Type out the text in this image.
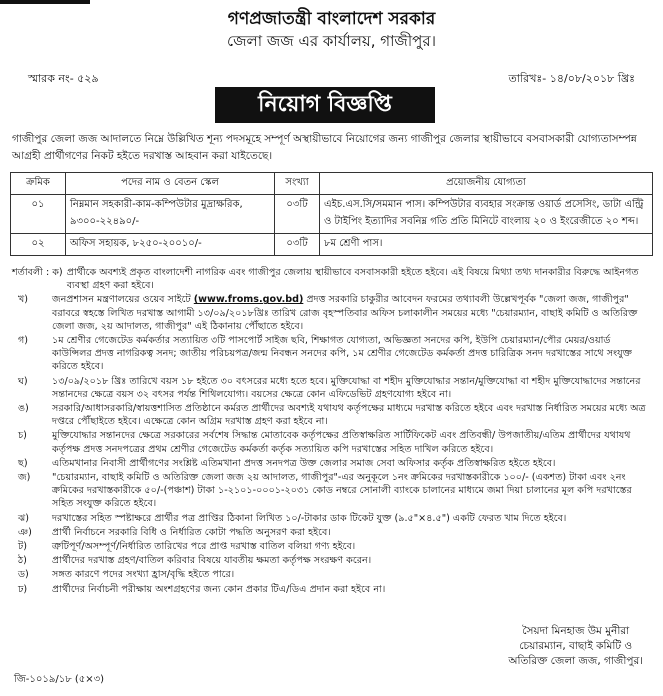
গণপ্রজাতন্ত্রী বাংলাদেশ সরকার
জেলা জজ এর কার্যালয়, গাজীপুর।
স্মারক নং- ৫২৯	তারিখঃ- ১৪/০৮/২০১৮ খ্রিঃ
নিয়োগ বিজ্ঞপ্তি
গাজীপুর জেলা জজ আদালতে নিম্নে উল্লিখিত শূন্য পদসমূহে সম্পূর্ণ অস্থায়ীভাবে নিয়োগের জন্য গাজীপুর জেলার স্থায়ীভাবে বসবাসকারী যোগ্যতাসম্পন্ন আগ্রহী প্রার্থীগণের নিকট হইতে দরখাস্ত আহবান করা যাইতেছে।
ক্রমিক	পদের নাম ও বেতন স্কেল	সংখ্যা	প্রয়োজনীয় যোগ্যতা
০১	নিম্নমান সহকারী-কাম-কম্পিউটার মুদ্রাক্ষরিক, ৯৩০০-২২৪৯০/-	০৩টি	এইচ.এস.সি/সমমান পাস। কম্পিউটার ব্যবহার সংক্রান্ত ওয়ার্ড প্রসেসিং, ডাটা এন্ট্রি ও টাইপিং ইত্যাদির সবনিম্ন গতি প্রতি মিনিটে বাংলায় ২০ ও ইংরেজীতে ২০ শব্দ।
০২	অফিস সহায়ক, ৮২৫০-২০০১০/-	০৩টি	৮ম শ্রেণী পাস।
শর্তাবলী : ক) প্রার্থীকে অবশ্যই প্রকৃত বাংলাদেশী নাগরিক এবং গাজীপুর জেলায় স্থায়ীভাবে বসবাসকারী হইতে হইবে। এই বিষয়ে মিথ্যা তথ্য দানকারীর বিরুদ্ধে আইনগত ব্যবস্থা গ্রহণ করা হইবে।
খ)	জনপ্রশাসন মন্ত্রণালয়ের ওয়েব সাইটে (www.froms.gov.bd) প্রদত্ত সরকারি চাকুরীর আবেদন ফরমের তথ্যাবলী উল্লেখপূর্বক "জেলা জজ, গাজীপুর" বরাবরে স্বহস্তে লিখিত দরখাস্ত আগামী ১৩/০৯/২০১৮খ্রিঃ তারিখ রোজ বৃহস্পতিবার অফিস চলাকালীন সময়ের মধ্যে "চেয়ারম্যান, বাছাই কমিটি ও অতিরিক্ত জেলা জজ, ২য় আদালত, গাজীপুর" এই ঠিকানায় পৌঁছাতে হইবে।
গ)	১ম শ্রেণীর গেজেটেড কর্মকর্তার সত্যায়িত ৩টি পাসপোর্ট সাইজ ছবি, শিক্ষাগত যোগ্যতা, অভিজ্ঞতা সনদের কপি, ইউপি চেয়ারম্যান/পৌর মেয়র/ওয়ার্ড কাউন্সিলর প্রদত্ত নাগরিকত্ব সনদ; জাতীয় পরিচয়পত্র/জন্ম নিবন্ধন সনদের কপি, ১ম শ্রেণীর গেজেটেড কর্মকর্তা প্রদত্ত চারিত্রিক সনদ দরখাস্তের সাথে সংযুক্ত করিতে হইবে।
ঘ)	১৩/০৯/২০১৮ খ্রিঃ তারিখে বয়স ১৮ হইতে ৩০ বৎসরের মধ্যে হতে হবে। মুক্তিযোদ্ধা বা শহীদ মুক্তিযোদ্ধার সন্তান/মুক্তিযোদ্ধা বা শহীদ মুক্তিযোদ্ধাদের সন্তানের সন্তানদের ক্ষেত্রে বয়স ৩২ বৎসর পর্যন্ত শিথিলযোগ্য। বয়সের ক্ষেত্রে কোন এফিডেভিট গ্রহণযোগ্য হইবে না।
ঙ)	সরকারি/আধাসরকারি/স্বায়ত্তশাসিত প্রতিষ্ঠানে কর্মরত প্রার্থীদের অবশ্যই যথাযথ কর্তৃপক্ষের মাধ্যমে দরখাস্ত করিতে হইবে এবং দরখাস্ত নির্ধারিত সময়ের মধ্যে অত্র দপ্তরে পৌঁছাইতে হইবে। এক্ষেত্রে কোন অগ্রিম দরখাস্ত গ্রহণ করা হইবে না।
চ)	মুক্তিযোদ্ধার সন্তানদের ক্ষেত্রে সরকারের সর্বশেষ সিদ্ধান্ত মোতাবেক কর্তৃপক্ষের প্রতিস্বাক্ষরিত সার্টিফিকেট এবং প্রতিবন্ধী/ উপজাতীয়/এতিম প্রার্থীদের যথাযথ কর্তৃপক্ষ প্রদত্ত সনদপত্রের প্রথম শ্রেণীর গেজেটেড কর্মকর্তা কর্তৃক সত্যায়িত কপি দরখাস্তের সহিত দাখিল করিতে হইবে।
ছ)	এতিমখানার নিবাসী প্রার্থীগণের সংশ্লিষ্ট এতিমখানা প্রদত্ত সনদপত্র উক্ত জেলার সমাজ সেবা অফিসার কর্তৃক প্রতিস্বাক্ষরিত হইতে হইবে।
জ)	"চেয়ারম্যান, বাছাই কমিটি ও অতিরিক্ত জেলা জজ ২য় আদালত, গাজীপুর"-এর অনুকূলে ১নং ক্রমিকের দরখাস্তকারীকে ১০০/- (একশত) টাকা এবং ২নং ক্রমিকের দরখাস্তকারীকে ৫০/-(পঞ্চাশ) টাকা ১-২১০১-০০০১-২০৩১ কোড নম্বরে সোনালী ব্যাংকে চালানের মাধ্যমে জমা দিয়া চালানের মূল কপি দরখাস্তের সহিত সংযুক্ত করিতে হইবে।
ঝ)	দরখাস্তের সহিত স্পষ্টাক্ষরে প্রার্থীর পত্র প্রাপ্তির ঠিকানা লিখিত ১০/-টাকার ডাক টিকেট যুক্ত (৯.৫"×৪.৫") একটি ফেরত খাম দিতে হইবে।
ঞ)	প্রার্থী নির্বাচনে সরকারি বিধি ও নির্ধারিত কোটা পদ্ধতি অনুসরণ করা হইবে।
ট)	ত্রুটিপূর্ণ/অসম্পূর্ণ/নির্ধারিত তারিখের পরে প্রাপ্ত দরখাস্ত বাতিল বলিয়া গণ্য হইবে।
ঠ)	প্রার্থীদের দরখাস্ত গ্রহণ/বাতিল করিবার বিষয়ে যাবতীয় ক্ষমতা কর্তৃপক্ষ সংরক্ষণ করেন।
ড)	সঙ্গত কারণে পদের সংখ্যা হ্রাস/বৃদ্ধি হইতে পারে।
ঢ)	প্রার্থীদের নির্বাচনী পরীক্ষায় অংশগ্রহণের জন্য কোন প্রকার টিএ/ডিএ প্রদান করা হইবে না।
সৈয়দা মিনহাজ উম মুনীরা
চেয়ারম্যান, বাছাই কমিটি ও
অতিরিক্ত জেলা জজ, গাজীপুর।
জি-১০১৯/১৮ (৫×৩)
